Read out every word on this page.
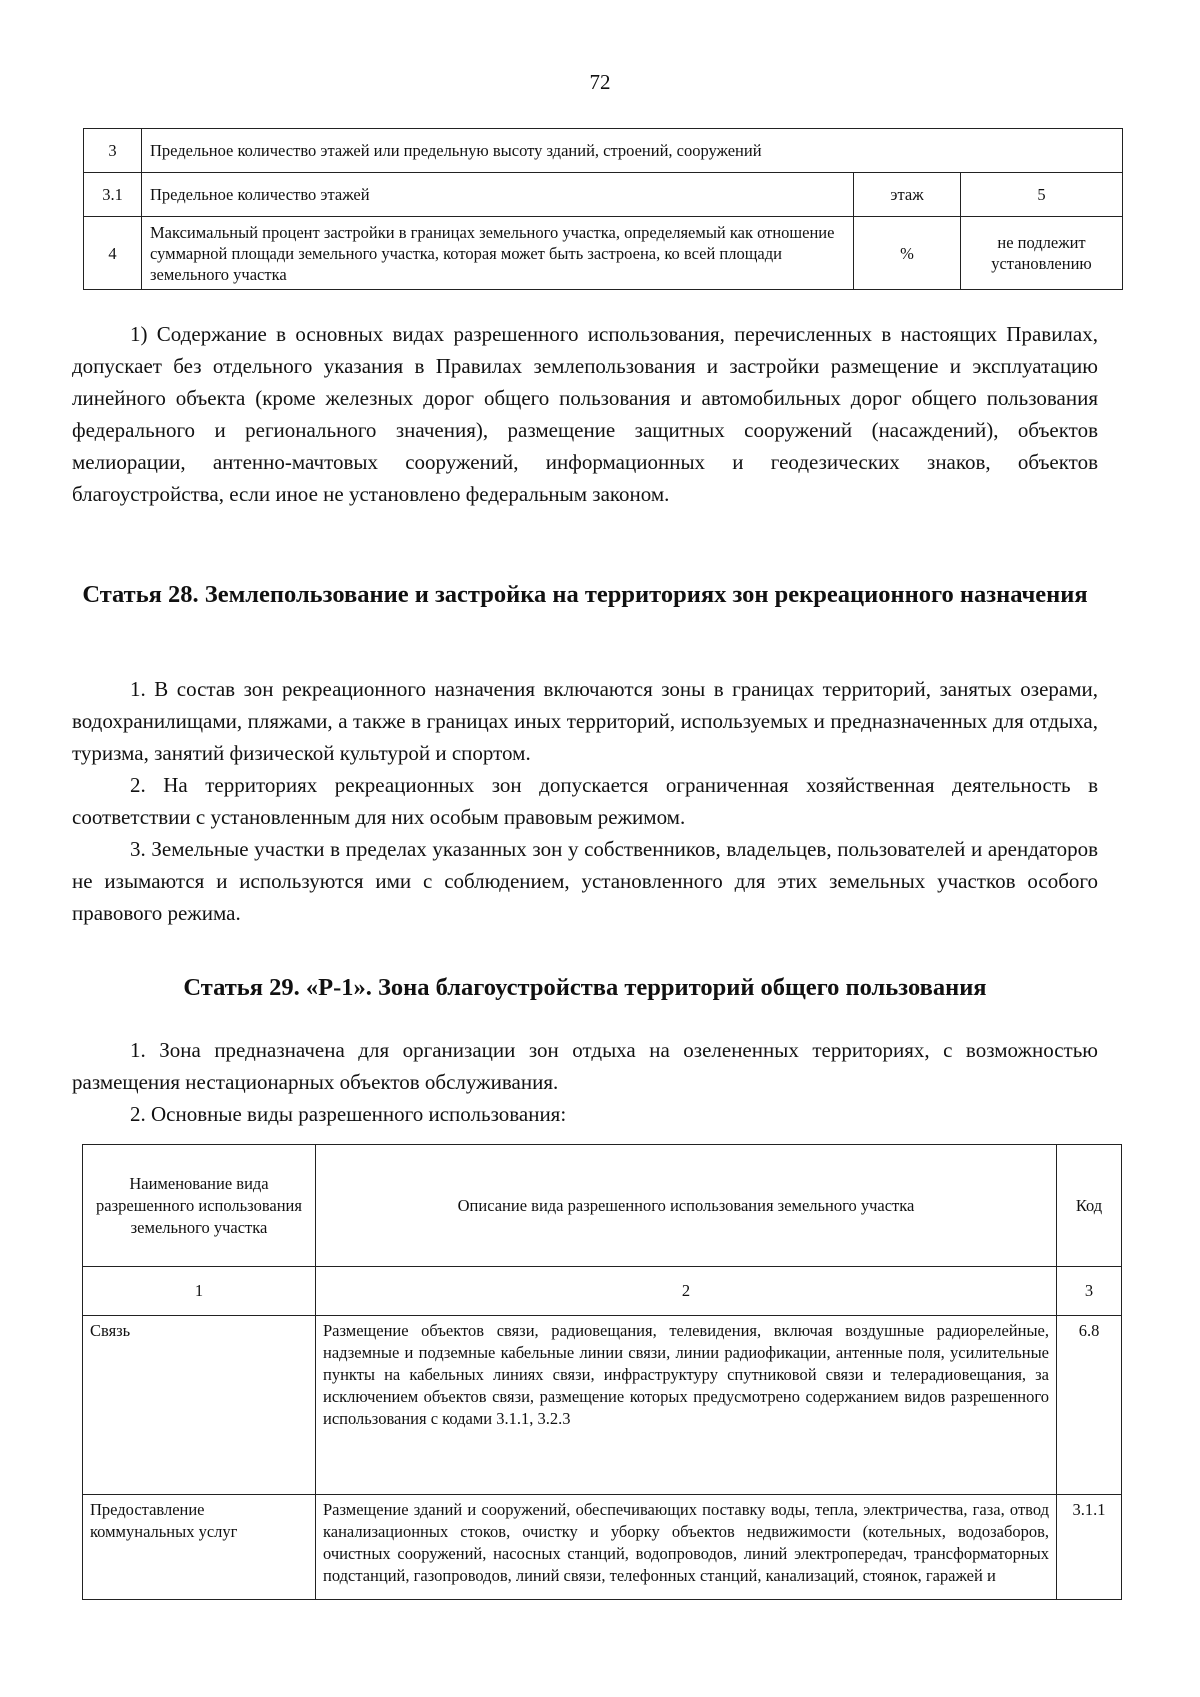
72
3	Предельное количество этажей или предельную высоту зданий, строений, сооружений		
3.1	Предельное количество этажей	этаж	5
4	Максимальный процент застройки в границах земельного участка, определяемый как отношение суммарной площади земельного участка, которая может быть застроена, ко всей площади земельного участка	%	не подлежит установлению

1) Содержание в основных видах разрешенного использования, перечисленных в настоящих Правилах, допускает без отдельного указания в Правилах землепользования и застройки размещение и эксплуатацию линейного объекта (кроме железных дорог общего пользования и автомобильных дорог общего пользования федерального и регионального значения), размещение защитных сооружений (насаждений), объектов мелиорации, антенно-мачтовых сооружений, информационных и геодезических знаков, объектов благоустройства, если иное не установлено федеральным законом.

Статья 28. Землепользование и застройка на территориях зон рекреационного назначения

1. В состав зон рекреационного назначения включаются зоны в границах территорий, занятых озерами, водохранилищами, пляжами, а также в границах иных территорий, используемых и предназначенных для отдыха, туризма, занятий физической культурой и спортом.

2. На территориях рекреационных зон допускается ограниченная хозяйственная деятельность в соответствии с установленным для них особым правовым режимом.

3. Земельные участки в пределах указанных зон у собственников, владельцев, пользователей и арендаторов не изымаются и используются ими с соблюдением, установленного для этих земельных участков особого правового режима.

Статья 29. «Р-1». Зона благоустройства территорий общего пользования

1. Зона предназначена для организации зон отдыха на озелененных территориях, с возможностью размещения нестационарных объектов обслуживания.

2. Основные виды разрешенного использования:

Наименование вида разрешенного использования земельного участка	Описание вида разрешенного использования земельного участка	Код
1	2	3
Связь	Размещение объектов связи, радиовещания, телевидения, включая воздушные радиорелейные, надземные и подземные кабельные линии связи, линии радиофикации, антенные поля, усилительные пункты на кабельных линиях связи, инфраструктуру спутниковой связи и телерадиовещания, за исключением объектов связи, размещение которых предусмотрено содержанием видов разрешенного использования с кодами 3.1.1, 3.2.3	6.8
Предоставление коммунальных услуг	Размещение зданий и сооружений, обеспечивающих поставку воды, тепла, электричества, газа, отвод канализационных стоков, очистку и уборку объектов недвижимости (котельных, водозаборов, очистных сооружений, насосных станций, водопроводов, линий электропередач, трансформаторных подстанций, газопроводов, линий связи, телефонных станций, канализаций, стоянок, гаражей и	3.1.1
